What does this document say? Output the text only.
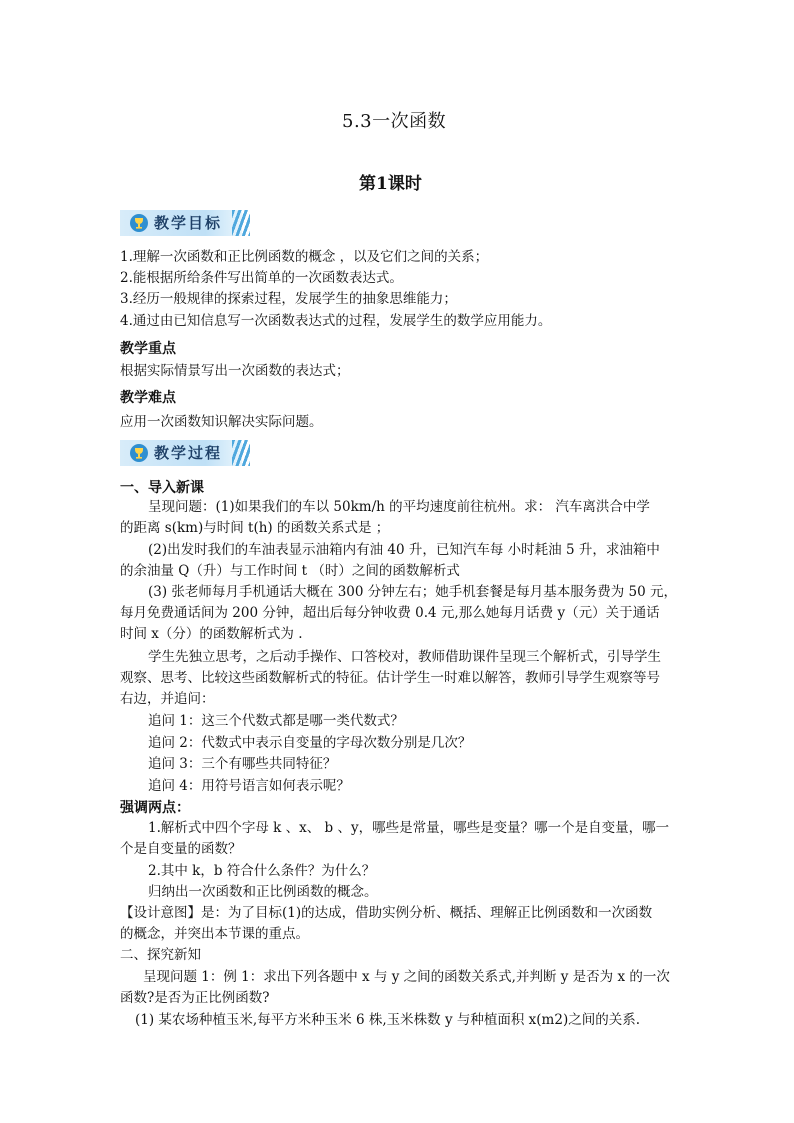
5.3一次函数
第1课时
教学目标
1.理解一次函数和正比例函数的概念 ，以及它们之间的关系；
2.能根据所给条件写出简单的一次函数表达式。
3.经历一般规律的探索过程，发展学生的抽象思维能力；
4.通过由已知信息写一次函数表达式的过程，发展学生的数学应用能力。
教学重点
根据实际情景写出一次函数的表达式；
教学难点
应用一次函数知识解决实际问题。
教学过程
一、导入新课
呈现问题：(1)如果我们的车以 50km/h 的平均速度前往杭州。求： 汽车离洪合中学
的距离 s(km)与时间 t(h) 的函数关系式是 ；
(2)出发时我们的车油表显示油箱内有油 40 升，已知汽车每 小时耗油 5 升，求油箱中
的余油量 Q（升）与工作时间 t （时）之间的函数解析式
(3) 张老师每月手机通话大概在 300 分钟左右；她手机套餐是每月基本服务费为 50 元，
每月免费通话间为 200 分钟，超出后每分钟收费 0.4 元,那么她每月话费 y（元）关于通话
时间 x（分）的函数解析式为 .
学生先独立思考，之后动手操作、口答校对，教师借助课件呈现三个解析式，引导学生
观察、思考、比较这些函数解析式的特征。估计学生一时难以解答，教师引导学生观察等号
右边，并追问：
追问 1：这三个代数式都是哪一类代数式？
追问 2：代数式中表示自变量的字母次数分别是几次？
追问 3：三个有哪些共同特征？
追问 4：用符号语言如何表示呢？
强调两点：
1.解析式中四个字母 k 、x、 b 、y，哪些是常量，哪些是变量？哪一个是自变量，哪一
个是自变量的函数？
2.其中 k，b 符合什么条件？为什么？
归纳出一次函数和正比例函数的概念。
【设计意图】是：为了目标(1)的达成，借助实例分析、概括、理解正比例函数和一次函数
的概念，并突出本节课的重点。
二、探究新知
呈现问题 1：例 1：求出下列各题中 x 与 y 之间的函数关系式,并判断 y 是否为 x 的一次
函数?是否为正比例函数?
(1) 某农场种植玉米,每平方米种玉米 6 株,玉米株数 y 与种植面积 x(m2)之间的关系.
